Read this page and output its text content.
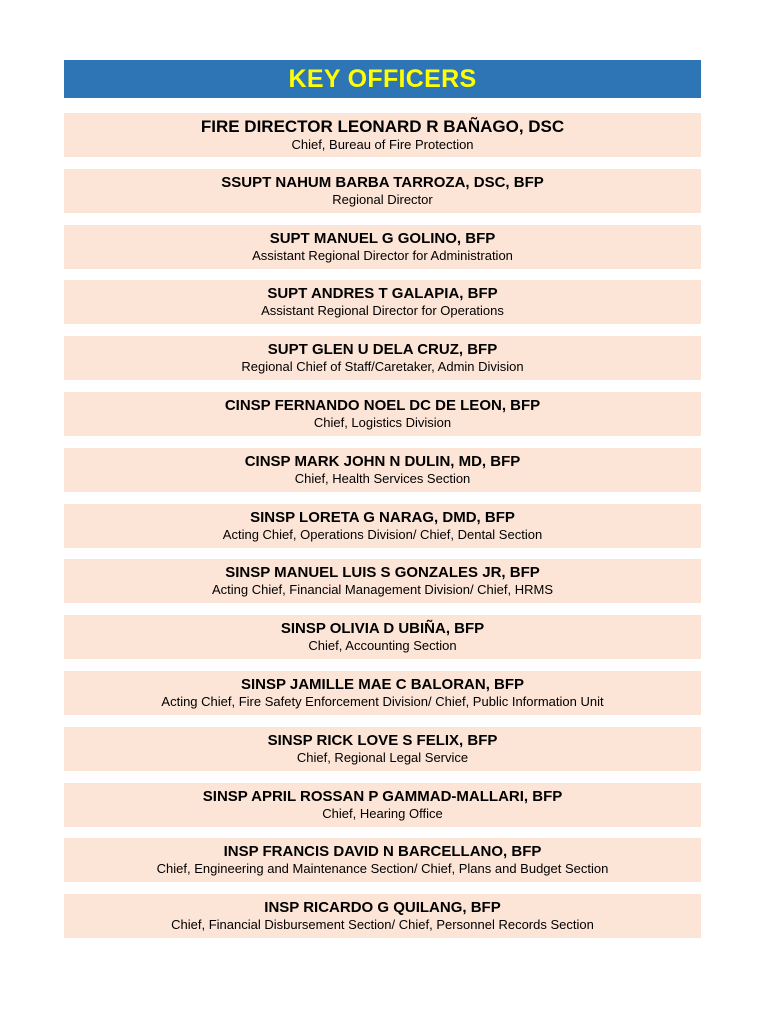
KEY OFFICERS
FIRE DIRECTOR LEONARD R BAÑAGO, DSC
Chief, Bureau of Fire Protection
SSUPT NAHUM BARBA TARROZA, DSC, BFP
Regional Director
SUPT MANUEL G GOLINO, BFP
Assistant Regional Director for Administration
SUPT ANDRES T GALAPIA, BFP
Assistant Regional Director for Operations
SUPT GLEN U DELA CRUZ, BFP
Regional Chief of Staff/Caretaker, Admin Division
CINSP FERNANDO NOEL DC DE LEON, BFP
Chief, Logistics Division
CINSP MARK JOHN N DULIN, MD, BFP
Chief, Health Services Section
SINSP LORETA G NARAG, DMD, BFP
Acting Chief, Operations Division/ Chief, Dental Section
SINSP MANUEL LUIS S GONZALES JR, BFP
Acting Chief, Financial Management Division/ Chief, HRMS
SINSP OLIVIA D UBIÑA, BFP
Chief, Accounting Section
SINSP JAMILLE MAE C BALORAN, BFP
Acting Chief, Fire Safety Enforcement Division/ Chief, Public Information Unit
SINSP RICK LOVE S FELIX, BFP
Chief, Regional Legal Service
SINSP APRIL ROSSAN P GAMMAD-MALLARI, BFP
Chief, Hearing Office
INSP FRANCIS DAVID N BARCELLANO, BFP
Chief, Engineering and Maintenance Section/ Chief, Plans and Budget Section
INSP RICARDO G QUILANG, BFP
Chief, Financial Disbursement Section/ Chief, Personnel Records Section
